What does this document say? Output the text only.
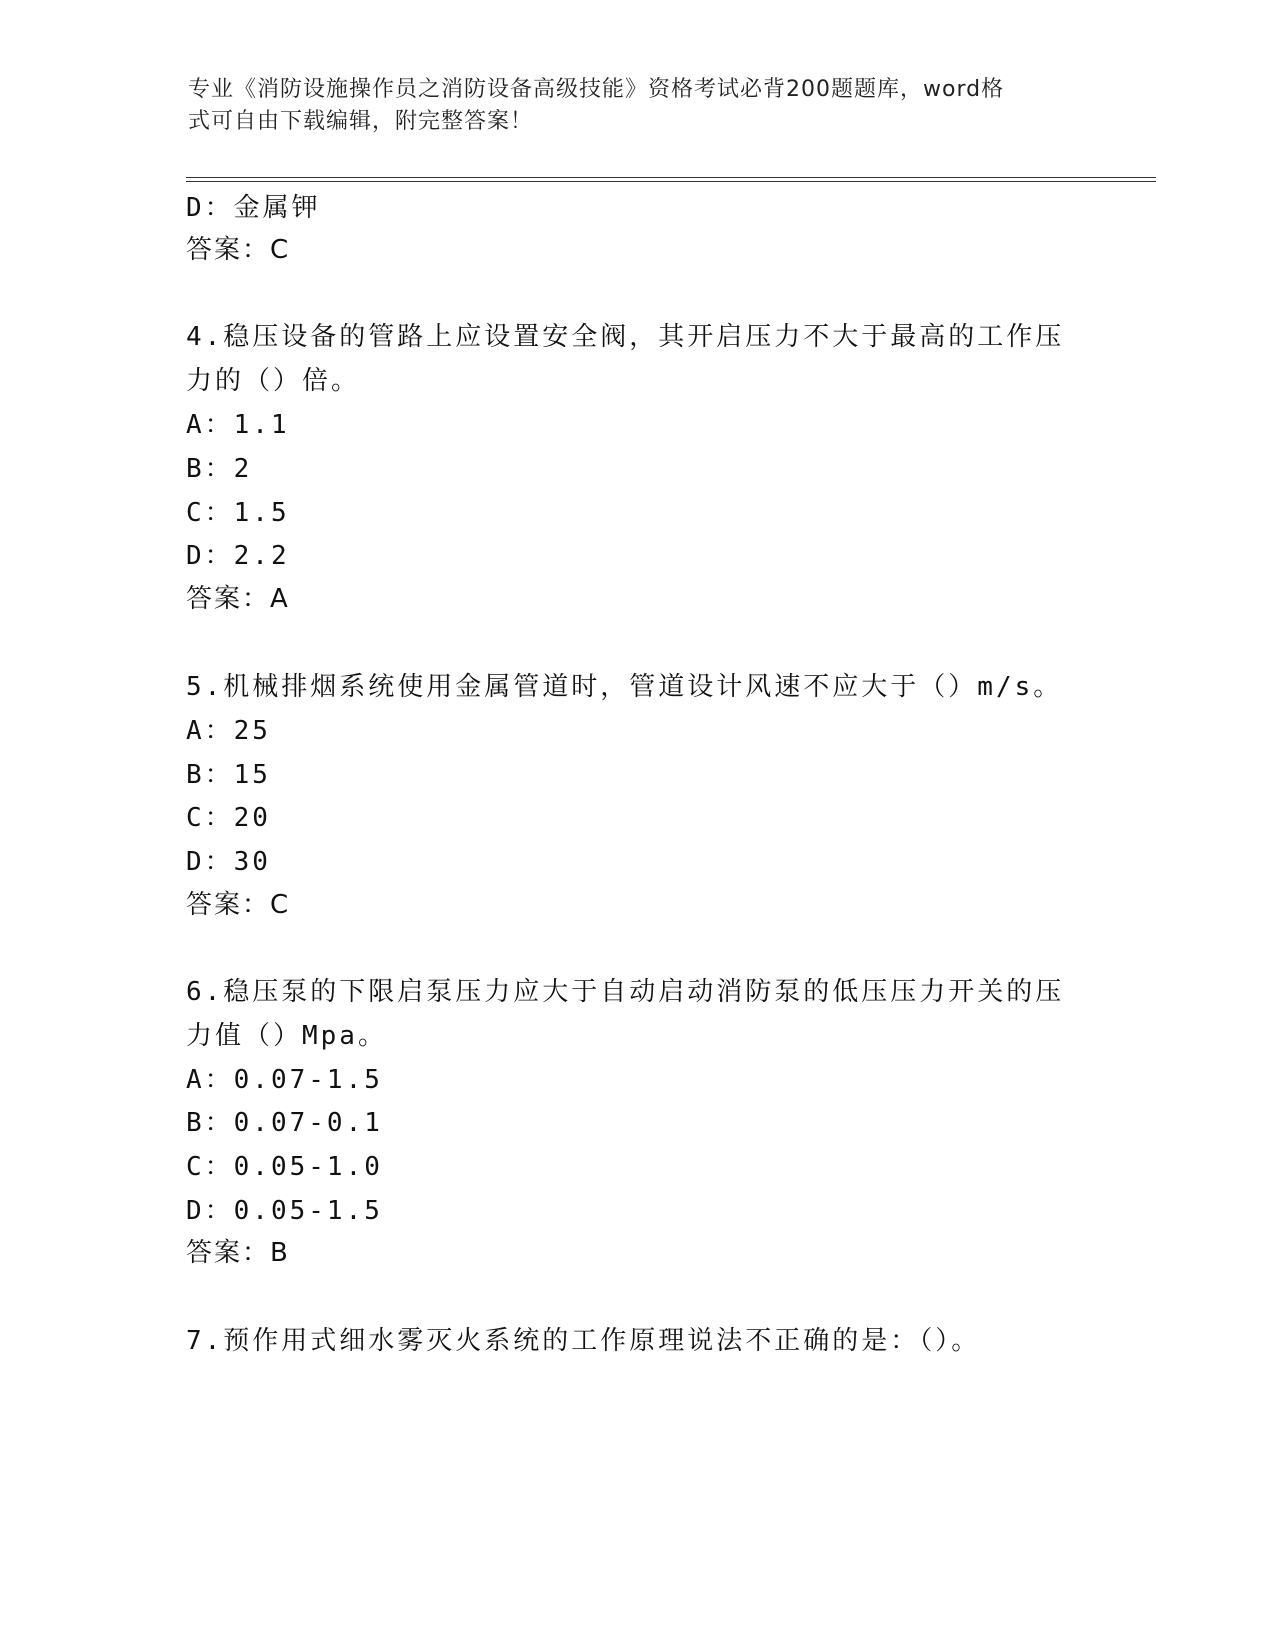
专业《消防设施操作员之消防设备高级技能》资格考试必背200题题库，word格
式可自由下载编辑，附完整答案！
D：金属钾
答案：C
4.稳压设备的管路上应设置安全阀，其开启压力不大于最高的工作压
力的（）倍。
A：1.1
B：2
C：1.5
D：2.2
答案：A
5.机械排烟系统使用金属管道时，管道设计风速不应大于（）m/s。
A：25
B：15
C：20
D：30
答案：C
6.稳压泵的下限启泵压力应大于自动启动消防泵的低压压力开关的压
力值（）Mpa。
A：0.07-1.5
B：0.07-0.1
C：0.05-1.0
D：0.05-1.5
答案：B
7.预作用式细水雾灭火系统的工作原理说法不正确的是：（）。
